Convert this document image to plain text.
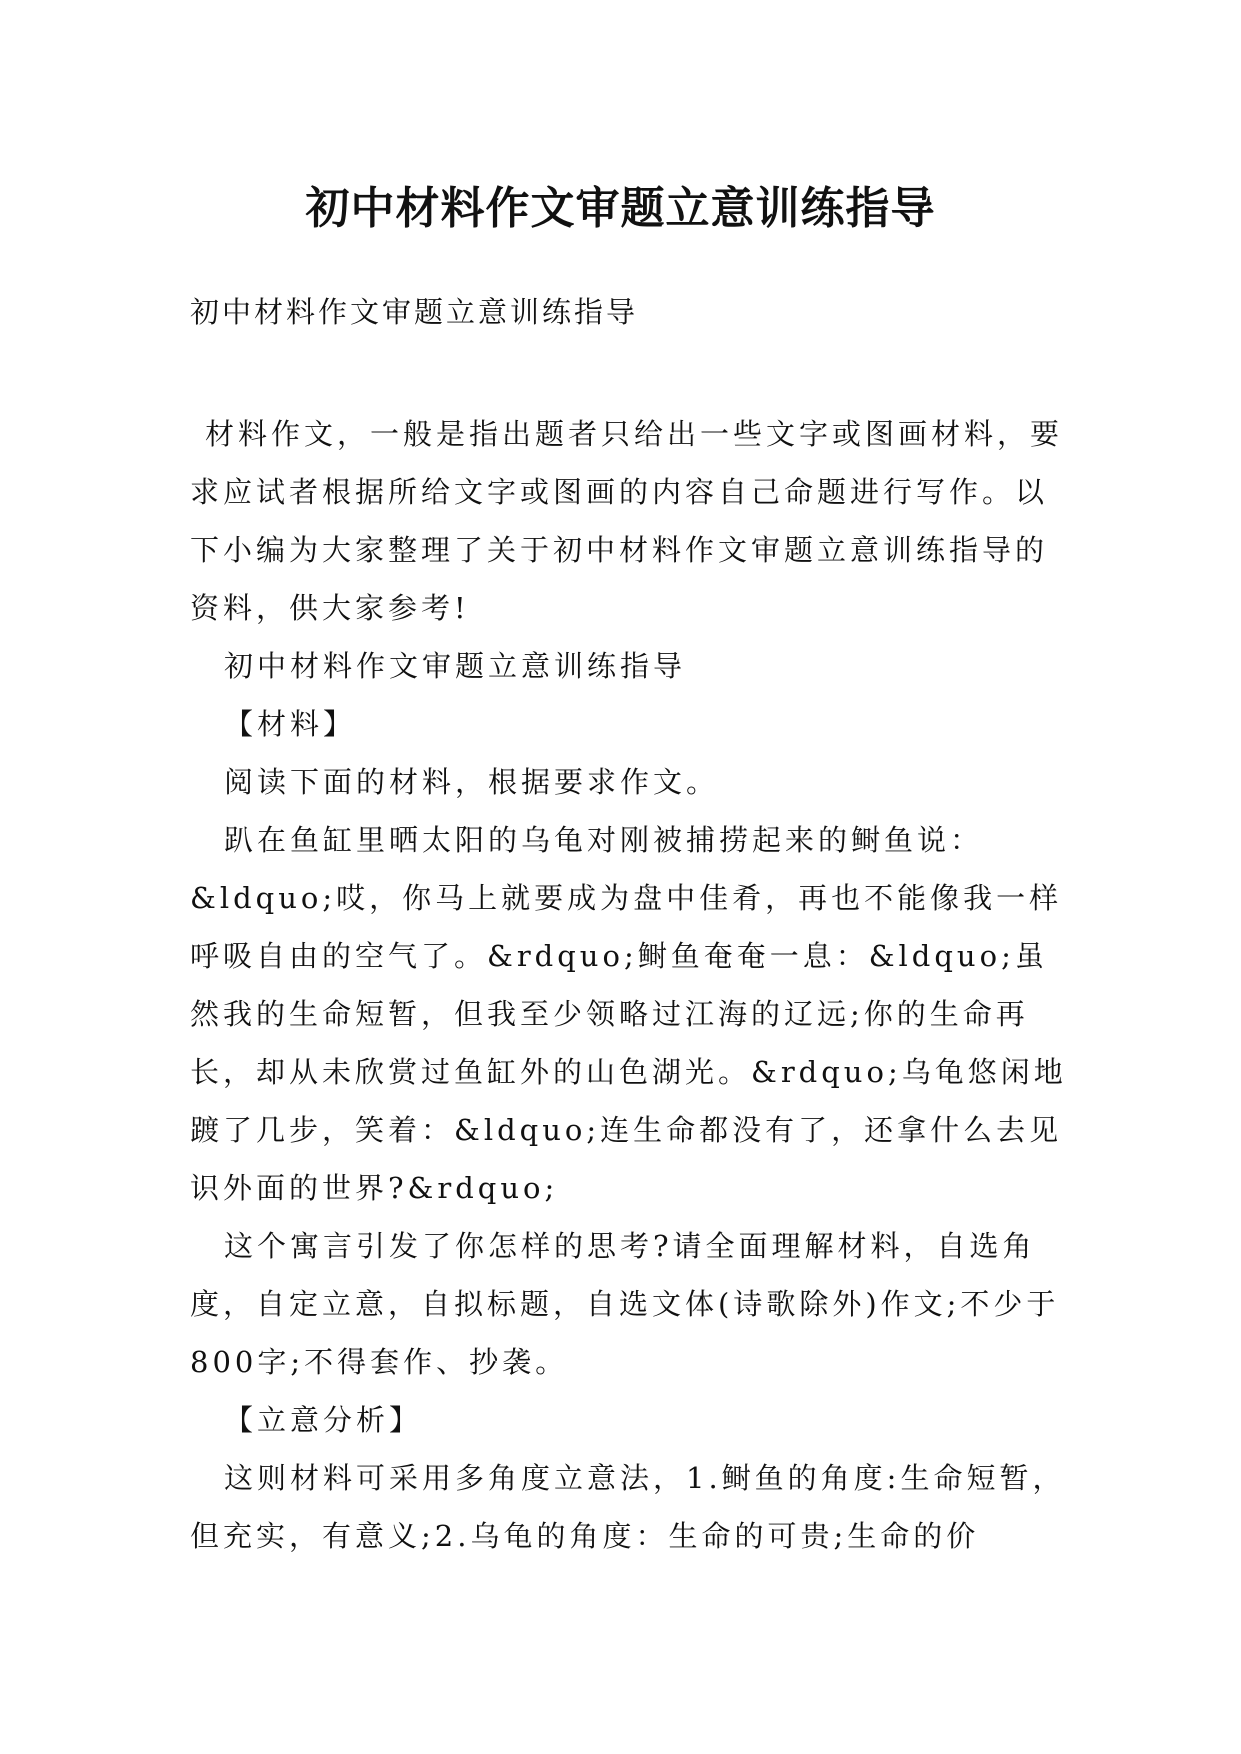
初中材料作文审题立意训练指导
初中材料作文审题立意训练指导

材料作文，一般是指出题者只给出一些文字或图画材料，要求应试者根据所给文字或图画的内容自己命题进行写作。以下小编为大家整理了关于初中材料作文审题立意训练指导的资料，供大家参考!

初中材料作文审题立意训练指导

【材料】

阅读下面的材料，根据要求作文。

趴在鱼缸里晒太阳的乌龟对刚被捕捞起来的鲥鱼说：&ldquo;哎，你马上就要成为盘中佳肴，再也不能像我一样呼吸自由的空气了。&rdquo;鲥鱼奄奄一息：&ldquo;虽然我的生命短暂，但我至少领略过江海的辽远;你的生命再长，却从未欣赏过鱼缸外的山色湖光。&rdquo;乌龟悠闲地踱了几步，笑着：&ldquo;连生命都没有了，还拿什么去见识外面的世界?&rdquo;

这个寓言引发了你怎样的思考?请全面理解材料，自选角度，自定立意，自拟标题，自选文体(诗歌除外)作文;不少于800字;不得套作、抄袭。

【立意分析】

这则材料可采用多角度立意法，1.鲥鱼的角度:生命短暂，但充实，有意义;2.乌龟的角度：生命的可贵;生命的价
